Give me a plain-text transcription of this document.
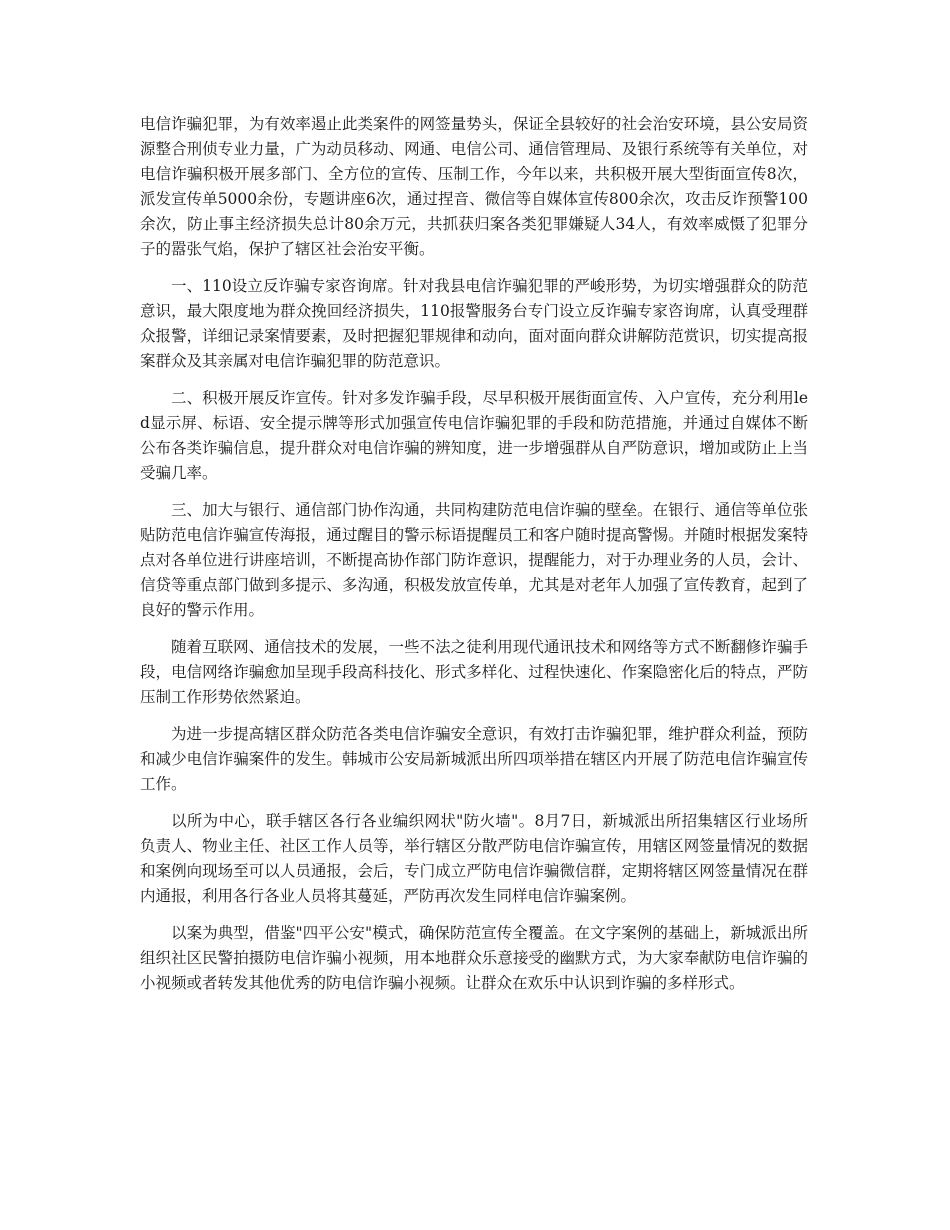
电信诈骗犯罪，为有效率遏止此类案件的网签量势头，保证全县较好的社会治安环境，县公安局资源整合刑侦专业力量，广为动员移动、网通、电信公司、通信管理局、及银行系统等有关单位，对电信诈骗积极开展多部门、全方位的宣传、压制工作，今年以来，共积极开展大型街面宣传8次，派发宣传单5000余份，专题讲座6次，通过捏音、微信等自媒体宣传800余次，攻击反诈预警100余次，防止事主经济损失总计80余万元，共抓获归案各类犯罪嫌疑人34人，有效率威慑了犯罪分子的嚣张气焰，保护了辖区社会治安平衡。

一、110设立反诈骗专家咨询席。针对我县电信诈骗犯罪的严峻形势，为切实增强群众的防范意识，最大限度地为群众挽回经济损失，110报警服务台专门设立反诈骗专家咨询席，认真受理群众报警，详细记录案情要素，及时把握犯罪规律和动向，面对面向群众讲解防范赏识，切实提高报案群众及其亲属对电信诈骗犯罪的防范意识。

二、积极开展反诈宣传。针对多发诈骗手段，尽早积极开展街面宣传、入户宣传，充分利用led显示屏、标语、安全提示牌等形式加强宣传电信诈骗犯罪的手段和防范措施，并通过自媒体不断公布各类诈骗信息，提升群众对电信诈骗的辨知度，进一步增强群从自严防意识，增加或防止上当受骗几率。

三、加大与银行、通信部门协作沟通，共同构建防范电信诈骗的壁垒。在银行、通信等单位张贴防范电信诈骗宣传海报，通过醒目的警示标语提醒员工和客户随时提高警惕。并随时根据发案特点对各单位进行讲座培训，不断提高协作部门防诈意识，提醒能力，对于办理业务的人员，会计、信贷等重点部门做到多提示、多沟通，积极发放宣传单，尤其是对老年人加强了宣传教育，起到了良好的警示作用。

随着互联网、通信技术的发展，一些不法之徒利用现代通讯技术和网络等方式不断翻修诈骗手段，电信网络诈骗愈加呈现手段高科技化、形式多样化、过程快速化、作案隐密化后的特点，严防压制工作形势依然紧迫。

为进一步提高辖区群众防范各类电信诈骗安全意识，有效打击诈骗犯罪，维护群众利益，预防和减少电信诈骗案件的发生。韩城市公安局新城派出所四项举措在辖区内开展了防范电信诈骗宣传工作。

以所为中心，联手辖区各行各业编织网状"防火墙"。8月7日，新城派出所招集辖区行业场所负责人、物业主任、社区工作人员等，举行辖区分散严防电信诈骗宣传，用辖区网签量情况的数据和案例向现场至可以人员通报，会后，专门成立严防电信诈骗微信群，定期将辖区网签量情况在群内通报，利用各行各业人员将其蔓延，严防再次发生同样电信诈骗案例。

以案为典型，借鉴"四平公安"模式，确保防范宣传全覆盖。在文字案例的基础上，新城派出所组织社区民警拍摄防电信诈骗小视频，用本地群众乐意接受的幽默方式，为大家奉献防电信诈骗的小视频或者转发其他优秀的防电信诈骗小视频。让群众在欢乐中认识到诈骗的多样形式。
